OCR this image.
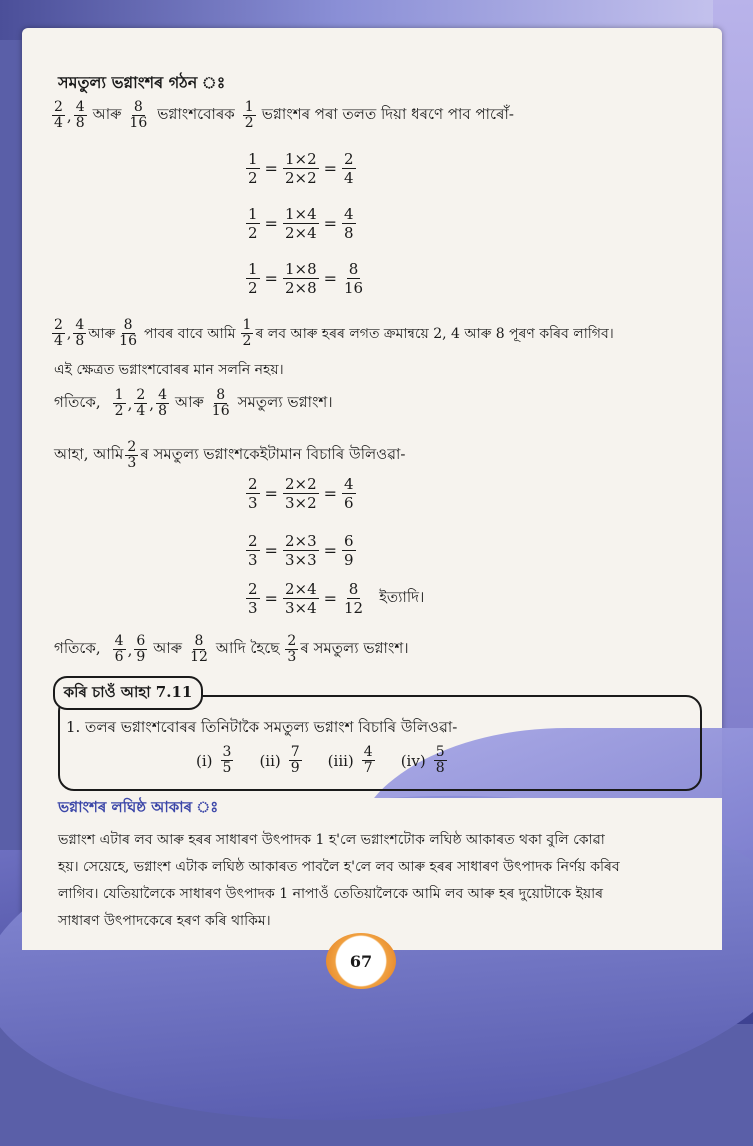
সমতুল্য ভগ্নাংশৰ গঠন ঃ
$\frac{2}{4}$ , $\frac{4}{8}$ আৰু $\frac{8}{16}$ ভগ্নাংশবোৰক $\frac{1}{2}$ ভগ্নাংশৰ পৰা তলত দিয়া ধৰণে পাব পাৰোঁ-
$\frac{1}{2} = \frac{1\times 2}{2\times 2} = \frac{2}{4}$
$\frac{1}{2} = \frac{1\times 4}{2\times 4} = \frac{4}{8}$
$\frac{1}{2} = \frac{1\times 8}{2\times 8} = \frac{8}{16}$
$\frac{2}{4}$ , $\frac{4}{8}$ আৰু $\frac{8}{16}$ পাবৰ বাবে আমি $\frac{1}{2}$ ৰ লব আৰু হৰৰ লগত ক্ৰমান্বয়ে 2, 4 আৰু 8 পূৰণ কৰিব লাগিব।
এই ক্ষেত্ৰত ভগ্নাংশবোৰৰ মান সলনি নহয়।
গতিকে, $\frac{1}{2}$ , $\frac{2}{4}$ , $\frac{4}{8}$ আৰু $\frac{8}{16}$ সমতুল্য ভগ্নাংশ।
আহা, আমি $\frac{2}{3}$ ৰ সমতুল্য ভগ্নাংশকেইটামান বিচাৰি উলিওৱা-
$\frac{2}{3} = \frac{2\times 2}{3\times 2} = \frac{4}{6}$
$\frac{2}{3} = \frac{2\times 3}{3\times 3} = \frac{6}{9}$
$\frac{2}{3} = \frac{2\times 4}{3\times 4} = \frac{8}{12}$ ইত্যাদি।
গতিকে, $\frac{4}{6}$ , $\frac{6}{9}$ আৰু $\frac{8}{12}$ আদি হৈছে $\frac{2}{3}$ ৰ সমতুল্য ভগ্নাংশ।
কৰি চাওঁ আহা 7.11
1. তলৰ ভগ্নাংশবোৰৰ তিনিটাকৈ সমতুল্য ভগ্নাংশ বিচাৰি উলিওৱা-
$(i) \frac{3}{5} (ii) \frac{7}{9} (iii) \frac{4}{7} (iv) \frac{5}{8}$
ভগ্নাংশৰ লঘিষ্ঠ আকাৰ ঃ
ভগ্নাংশ এটাৰ লব আৰু হৰৰ সাধাৰণ উৎপাদক 1 হ'লে ভগ্নাংশটোক লঘিষ্ঠ আকাৰত থকা বুলি কোৱা
হয়। সেয়েহে, ভগ্নাংশ এটাক লঘিষ্ঠ আকাৰত পাবলৈ হ'লে লব আৰু হৰৰ সাধাৰণ উৎপাদক নিৰ্ণয় কৰিব
লাগিব। যেতিয়ালৈকে সাধাৰণ উৎপাদক 1 নাপাওঁ তেতিয়ালৈকে আমি লব আৰু হৰ দুয়োটাকে ইয়াৰ
সাধাৰণ উৎপাদকেৰে হৰণ কৰি থাকিম।
67
